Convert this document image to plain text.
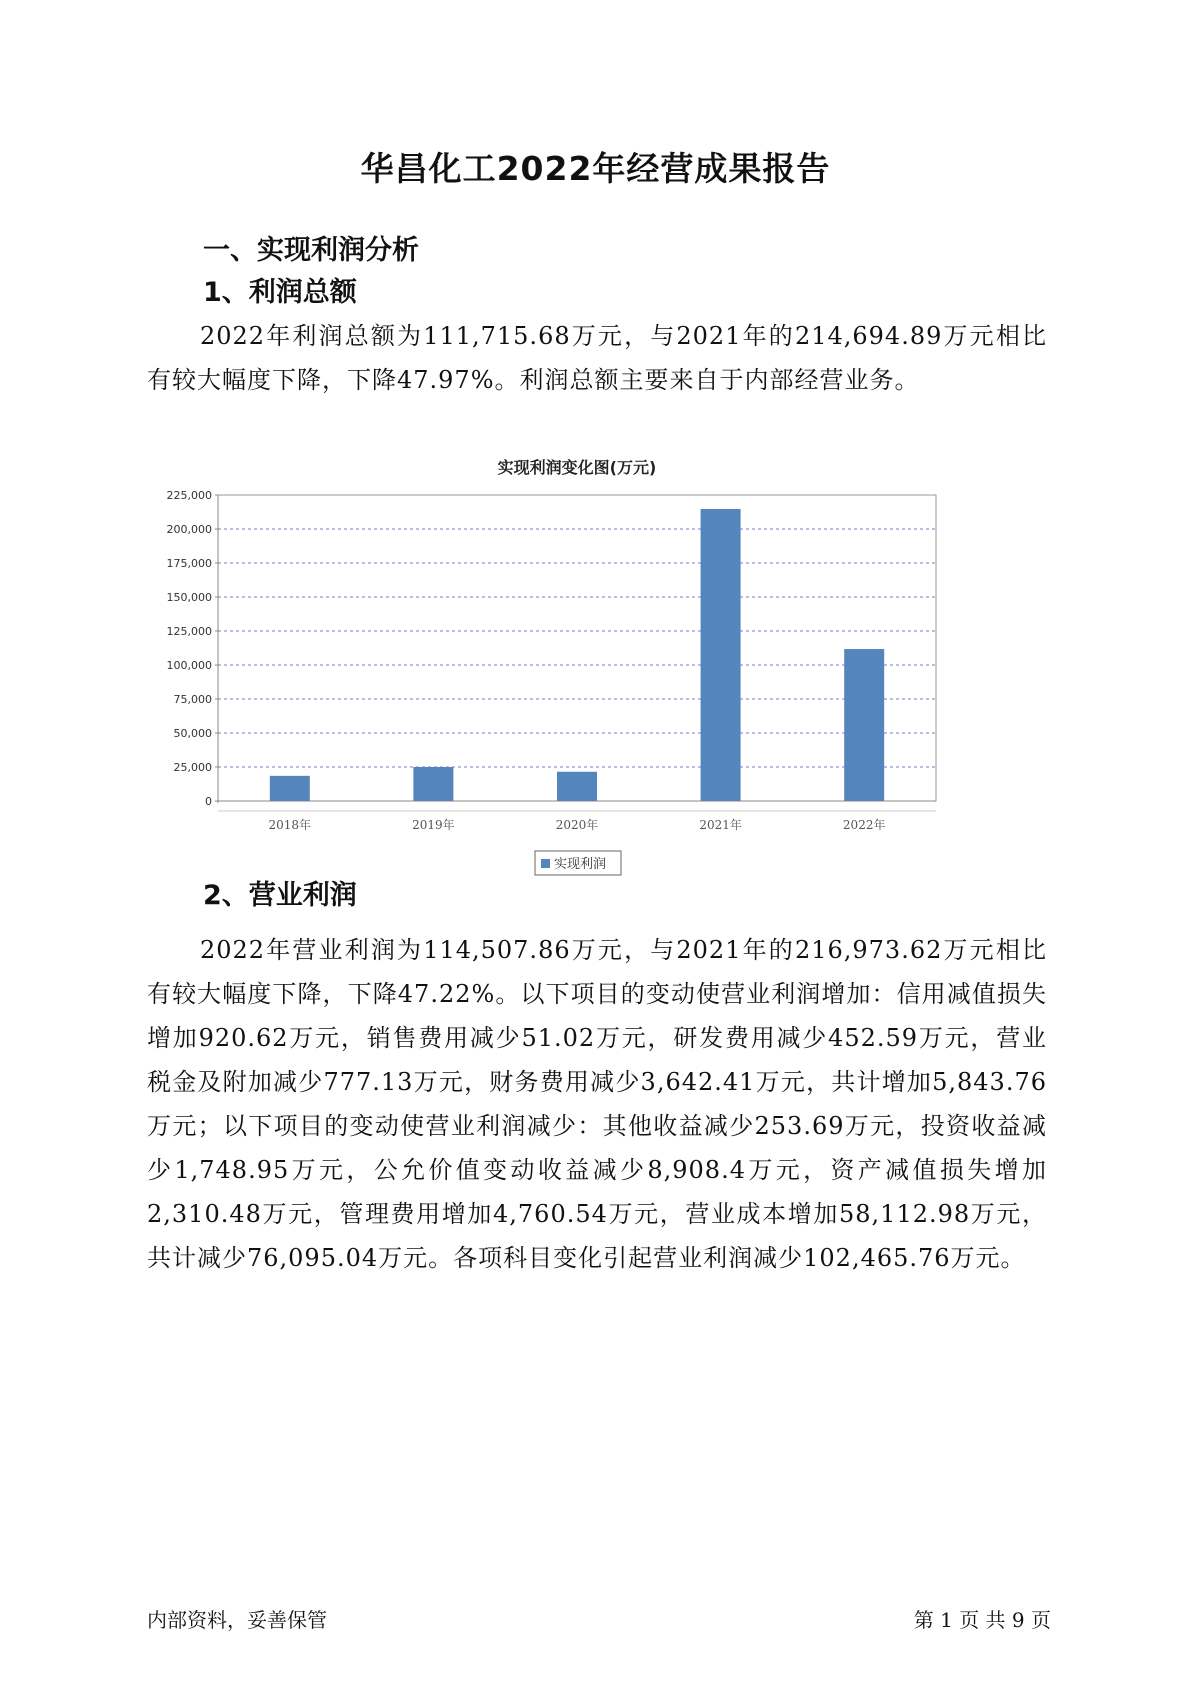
华昌化工2022年经营成果报告
一、实现利润分析
1、利润总额

2022年利润总额为111,715.68万元，与2021年的214,694.89万元相比有较大幅度下降，下降47.97%。利润总额主要来自于内部经营业务。

实现利润变化图(万元)
0
25,000
50,000
75,000
100,000
125,000
150,000
175,000
200,000
225,000
2018年	2019年	2020年	2021年	2022年
实现利润
2、营业利润

2022年营业利润为114,507.86万元，与2021年的216,973.62万元相比有较大幅度下降，下降47.22%。以下项目的变动使营业利润增加：信用减值损失增加920.62万元，销售费用减少51.02万元，研发费用减少452.59万元，营业税金及附加减少777.13万元，财务费用减少3,642.41万元，共计增加5,843.76万元；以下项目的变动使营业利润减少：其他收益减少253.69万元，投资收益减少1,748.95万元，公允价值变动收益减少8,908.4万元，资产减值损失增加2,310.48万元，管理费用增加4,760.54万元，营业成本增加58,112.98万元，共计减少76,095.04万元。各项科目变化引起营业利润减少102,465.76万元。

内部资料，妥善保管	第 1 页 共 9 页
